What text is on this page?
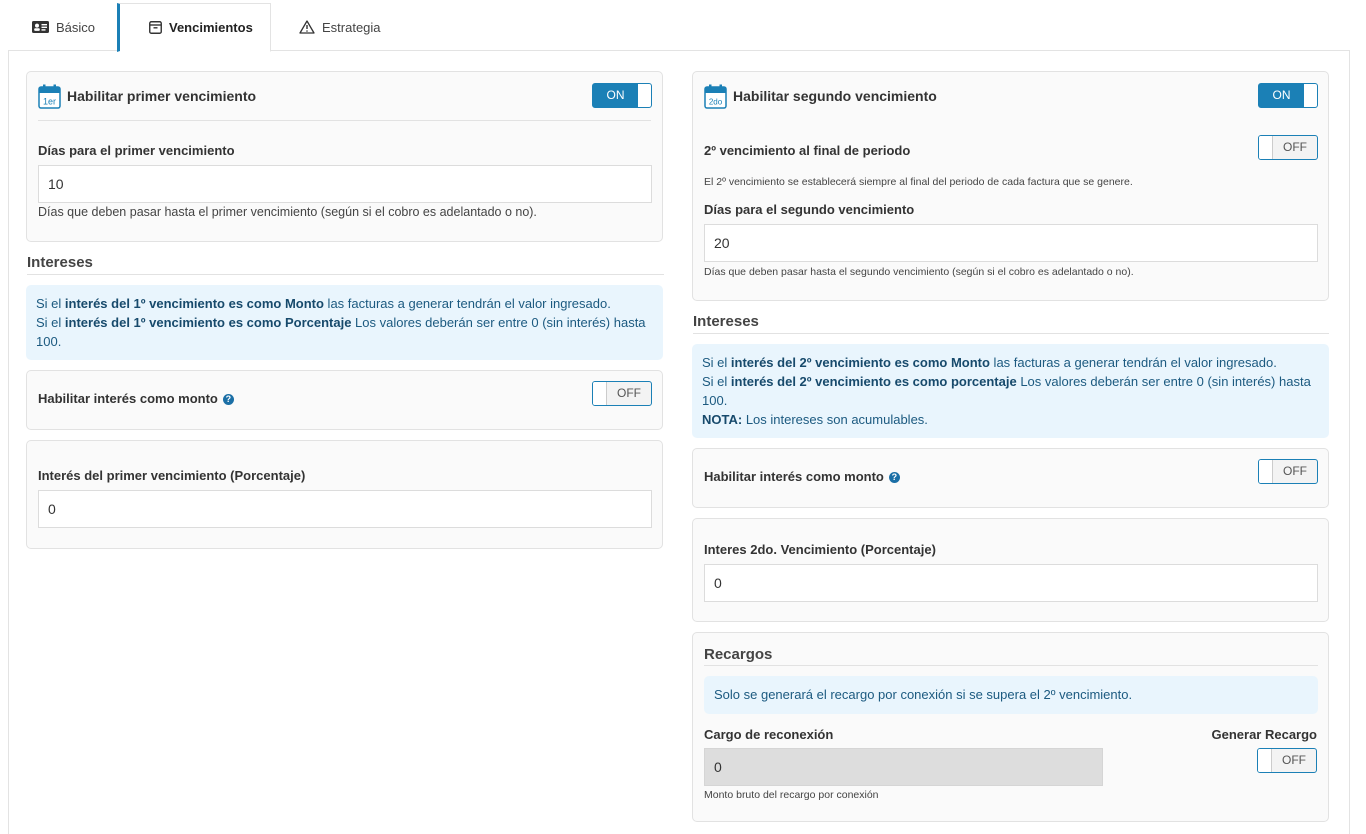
Básico	Vencimientos	Estrategia
1er Habilitar primer vencimiento	ON
Días para el primer vencimiento
10
Días que deben pasar hasta el primer vencimiento (según si el cobro es adelantado o no).
Intereses
Si el interés del 1º vencimiento es como Monto las facturas a generar tendrán el valor ingresado.
Si el interés del 1º vencimiento es como Porcentaje Los valores deberán ser entre 0 (sin interés) hasta 100.
Habilitar interés como monto ?	OFF
Interés del primer vencimiento (Porcentaje)
0
2do Habilitar segundo vencimiento	ON
2º vencimiento al final de periodo	OFF
El 2º vencimiento se establecerá siempre al final del periodo de cada factura que se genere.
Días para el segundo vencimiento
20
Días que deben pasar hasta el segundo vencimiento (según si el cobro es adelantado o no).
Intereses
Si el interés del 2º vencimiento es como Monto las facturas a generar tendrán el valor ingresado.
Si el interés del 2º vencimiento es como porcentaje Los valores deberán ser entre 0 (sin interés) hasta 100.
NOTA: Los intereses son acumulables.
Habilitar interés como monto ?	OFF
Interes 2do. Vencimiento (Porcentaje)
0
Recargos
Solo se generará el recargo por conexión si se supera el 2º vencimiento.
Cargo de reconexión	Generar Recargo
0	OFF
Monto bruto del recargo por conexión
